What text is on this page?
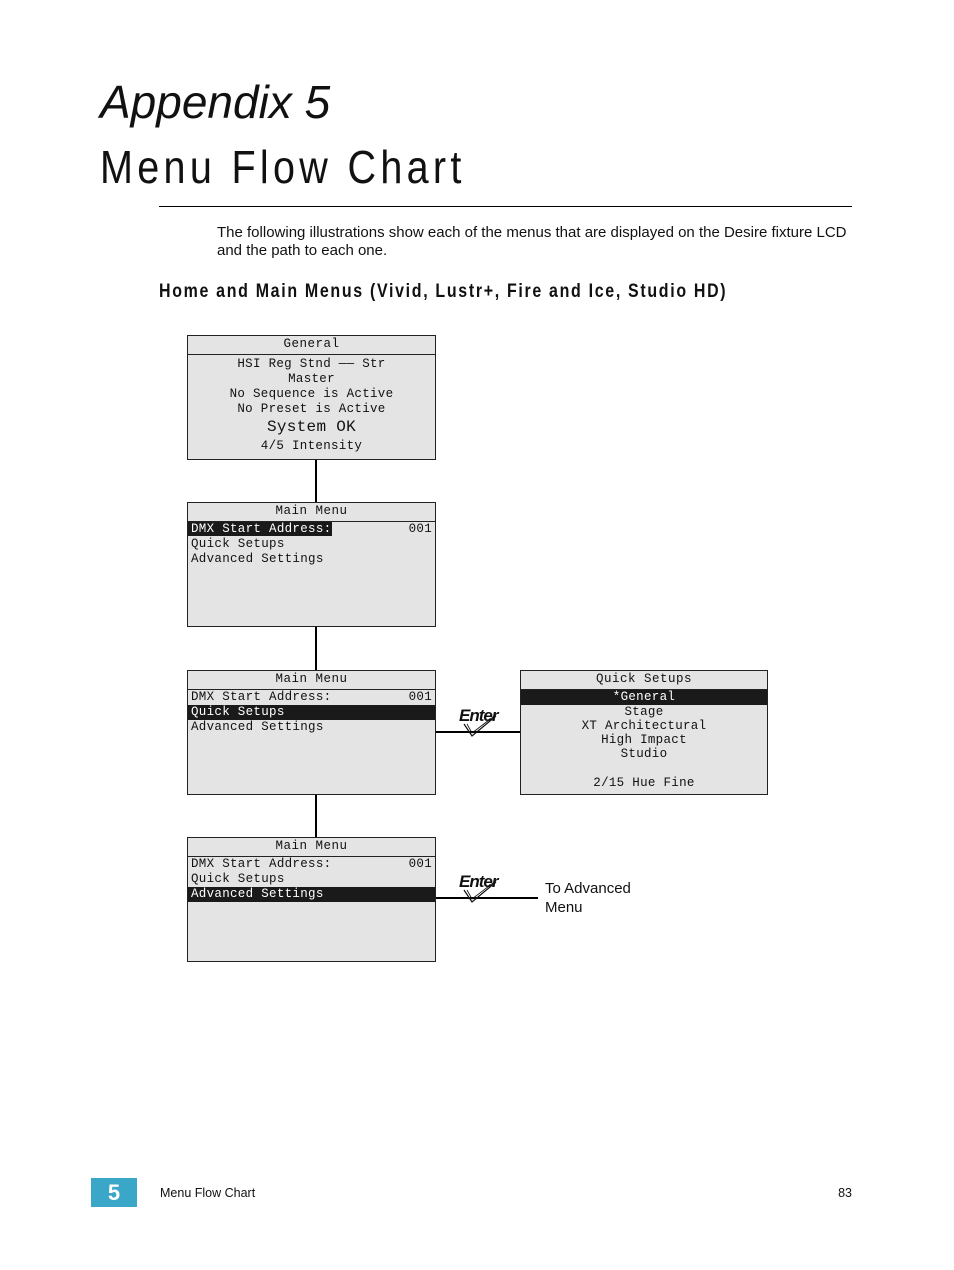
Appendix 5
Menu Flow Chart

The following illustrations show each of the menus that are displayed on the Desire fixture LCD and the path to each one.

Home and Main Menus (Vivid, Lustr+, Fire and Ice, Studio HD)
General
HSI Reg Stnd —— Str
Master
No Sequence is Active
No Preset is Active
System OK
4/5 Intensity
Main Menu
DMX Start Address:	001
Quick Setups
Advanced Settings
Main Menu
DMX Start Address:	001
Quick Setups
Advanced Settings
Enter
Quick Setups
*General
Stage
XT Architectural
High Impact
Studio
2/15 Hue Fine
Main Menu
DMX Start Address:	001
Quick Setups
Advanced Settings
Enter	To Advanced Menu

5	Menu Flow Chart	83
